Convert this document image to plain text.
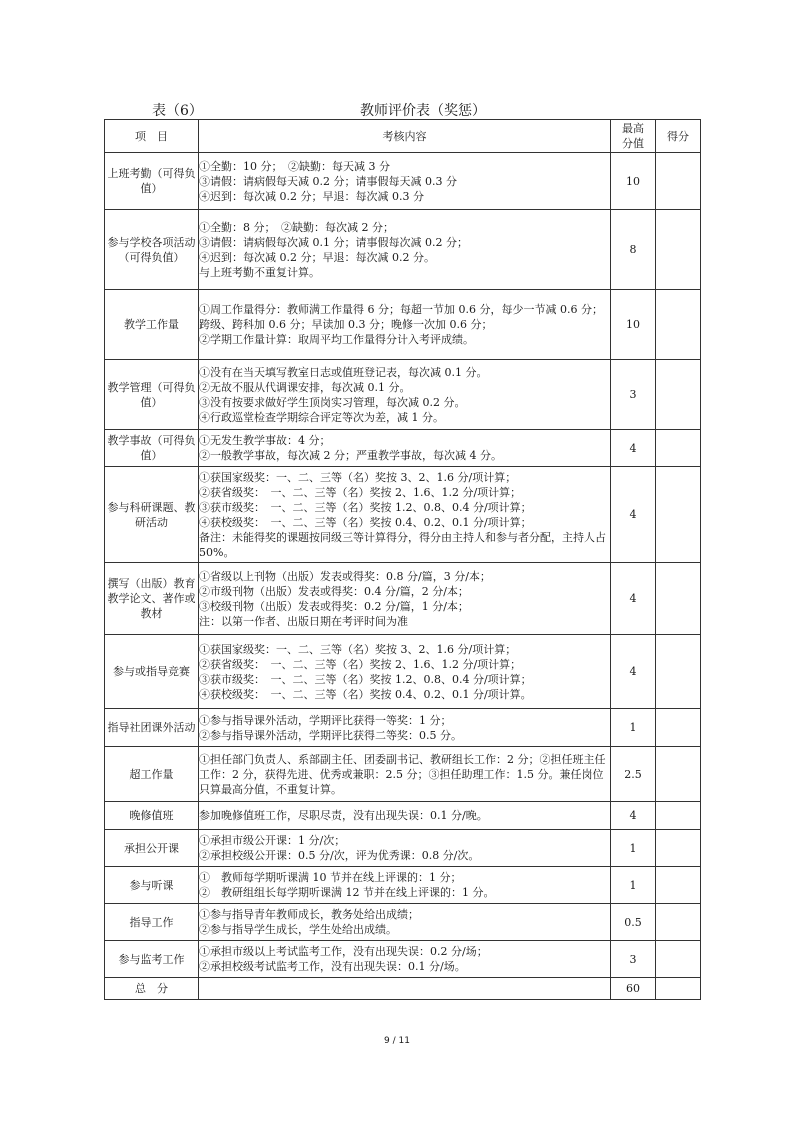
表（6）	教师评价表（奖惩）
项　目	考核内容	最高分值	得分
上班考勤（可得负值）	①全勤：10 分；　②缺勤：每天减 3 分
③请假：请病假每天减 0.2 分；请事假每天减 0.3 分
④迟到：每次减 0.2 分；早退：每次减 0.3 分	10	
参与学校各项活动（可得负值）	①全勤：8 分；　②缺勤：每次减 2 分；
③请假：请病假每次减 0.1 分；请事假每次减 0.2 分；
④迟到：每次减 0.2 分；早退：每次减 0.2 分。
与上班考勤不重复计算。	8	
教学工作量	①周工作量得分：教师满工作量得 6 分；每超一节加 0.6 分，每少一节减 0.6 分；跨级、跨科加 0.6 分；早读加 0.3 分；晚修一次加 0.6 分；
②学期工作量计算：取周平均工作量得分计入考评成绩。	10	
教学管理（可得负值）	①没有在当天填写教室日志或值班登记表，每次减 0.1 分。
②无故不服从代调课安排，每次减 0.1 分。
③没有按要求做好学生顶岗实习管理，每次减 0.2 分。
④行政巡堂检查学期综合评定等次为差，减 1 分。	3	
教学事故（可得负值）	①无发生教学事故：4 分；
②一般教学事故，每次减 2 分；严重教学事故，每次减 4 分。	4	
参与科研课题、教研活动	①获国家级奖：一、二、三等（名）奖按 3、2、1.6 分/项计算；
②获省级奖：　一、二、三等（名）奖按 2、1.6、1.2 分/项计算；
③获市级奖：　一、二、三等（名）奖按 1.2、0.8、0.4 分/项计算；
④获校级奖：　一、二、三等（名）奖按 0.4、0.2、0.1 分/项计算；
备注：未能得奖的课题按同级三等计算得分，得分由主持人和参与者分配，主持人占 50%。	4	
撰写（出版）教育教学论文、著作或教材	①省级以上刊物（出版）发表或得奖：0.8 分/篇，3 分/本；
②市级刊物（出版）发表或得奖：0.4 分/篇，2 分/本；
③校级刊物（出版）发表或得奖：0.2 分/篇，1 分/本；
注：以第一作者、出版日期在考评时间为准	4	
参与或指导竞赛	①获国家级奖：一、二、三等（名）奖按 3、2、1.6 分/项计算；
②获省级奖：　一、二、三等（名）奖按 2、1.6、1.2 分/项计算；
③获市级奖：　一、二、三等（名）奖按 1.2、0.8、0.4 分/项计算；
④获校级奖：　一、二、三等（名）奖按 0.4、0.2、0.1 分/项计算。	4	
指导社团课外活动	①参与指导课外活动，学期评比获得一等奖：1 分；
②参与指导课外活动，学期评比获得二等奖：0.5 分。	1	
超工作量	①担任部门负责人、系部副主任、团委副书记、教研组长工作：2 分；②担任班主任工作：2 分，获得先进、优秀或兼职：2.5 分；③担任助理工作：1.5 分。兼任岗位只算最高分值，不重复计算。	2.5	
晚修值班	参加晚修值班工作，尽职尽责，没有出现失误：0.1 分/晚。	4	
承担公开课	①承担市级公开课：1 分/次；
②承担校级公开课：0.5 分/次，评为优秀课：0.8 分/次。	1	
参与听课	①　教师每学期听课满 10 节并在线上评课的：1 分；
②　教研组组长每学期听课满 12 节并在线上评课的：1 分。	1	
指导工作	①参与指导青年教师成长，教务处给出成绩；
②参与指导学生成长，学生处给出成绩。	0.5	
参与监考工作	①承担市级以上考试监考工作，没有出现失误：0.2 分/场；
②承担校级考试监考工作，没有出现失误：0.1 分/场。	3	
总　分		60	
9 / 11
